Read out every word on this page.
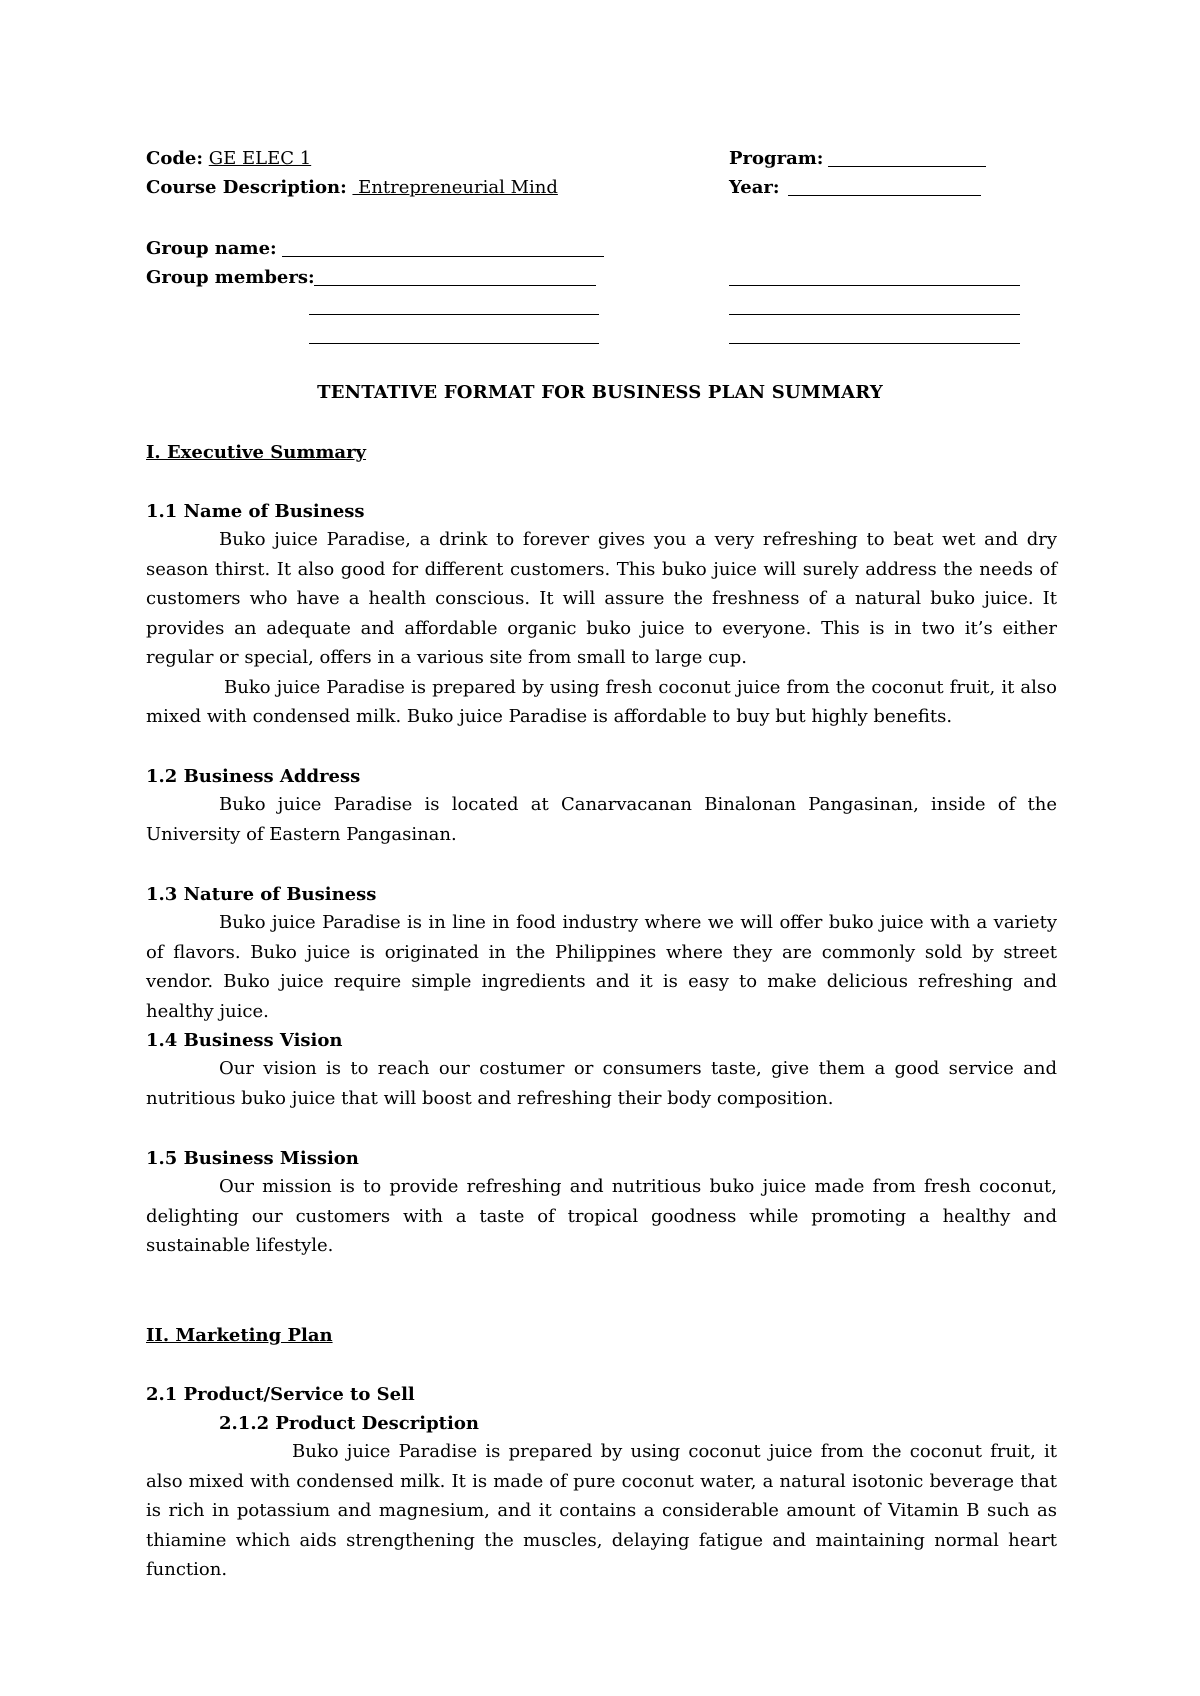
Code: GE ELEC 1
Course Description:  Entrepreneurial Mind
Program:
Year:
Group name:
Group members:
TENTATIVE FORMAT FOR BUSINESS PLAN SUMMARY
I. Executive Summary
1.1 Name of Business

Buko juice Paradise, a drink to forever gives you a very refreshing to beat wet and dry season thirst. It also good for different customers. This buko juice will surely address the needs of customers who have a health conscious. It will assure the freshness of a natural buko juice. It provides an adequate and affordable organic buko juice to everyone. This is in two it’s either regular or special, offers in a various site from small to large cup.

Buko juice Paradise is prepared by using fresh coconut juice from the coconut fruit, it also mixed with condensed milk. Buko juice Paradise is affordable to buy but highly benefits.

1.2 Business Address

Buko juice Paradise is located at Canarvacanan Binalonan Pangasinan, inside of the University of Eastern Pangasinan.

1.3 Nature of Business

Buko juice Paradise is in line in food industry where we will offer buko juice with a variety of flavors. Buko juice is originated in the Philippines where they are commonly sold by street vendor. Buko juice require simple ingredients and it is easy to make delicious refreshing and healthy juice.

1.4 Business Vision

Our vision is to reach our costumer or consumers taste, give them a good service and nutritious buko juice that will boost and refreshing their body composition.

1.5 Business Mission

Our mission is to provide refreshing and nutritious buko juice made from fresh coconut, delighting our customers with a taste of tropical goodness while promoting a healthy and sustainable lifestyle.

II. Marketing Plan
2.1 Product/Service to Sell
2.1.2 Product Description

Buko juice Paradise is prepared by using coconut juice from the coconut fruit, it also mixed with condensed milk. It is made of pure coconut water, a natural isotonic beverage that is rich in potassium and magnesium, and it contains a considerable amount of Vitamin B such as thiamine which aids strengthening the muscles, delaying fatigue and maintaining normal heart function.
